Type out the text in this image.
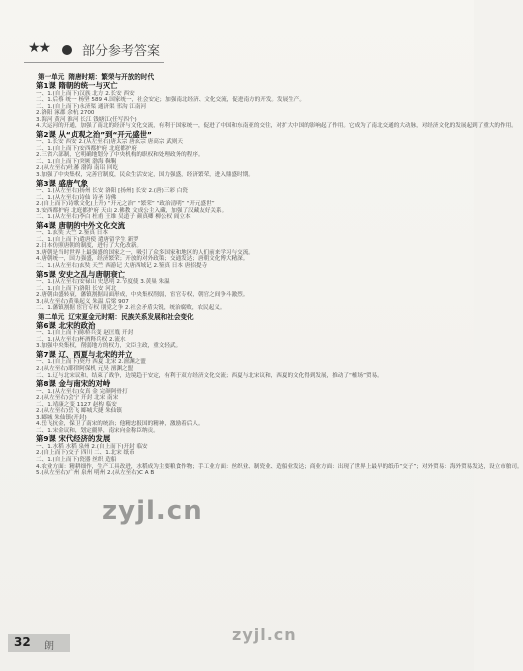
★★	部分参考答案
第一单元 隋唐时期：繁荣与开放的时代
第1课 隋朝的统一与灭亡
一、1.(自上而下)汉族 北方 2.长安 西安
二、1.后蔡 统一 杨坚 589 4.国家统一，社会安定；加强南北经济、文化交流，促进南方的开发。发展生产。
二、1.(自上而下)永济渠 通济渠 邗沟 江南河
2.洛阳 涿郡 余杭 2700
3.海河 黄河 淮河 长江 钱塘江(任写四个)
4.大运河的开通，加强了南北的经济与文化交流，有利于国家统一，促进了中国和东南亚的交往，对扩大中国的影响起了作用。它成为了南北交通的大动脉，对经济文化的发展起到了重大的作用。
第2课 从“贞观之治”到“开元盛世”
一、1.长安 西安 2.(从左至右)唐太宗 唐玄宗 唐高宗 武则天
二、1.(自上而下)安西都护府 北庭都护府
2.三省六部制，它明确地划分了中央机构的职权和处理政务的程序。
二、1.(自上而下)突厥 渤海 靺鞨
2.(从左至右)吐蕃 渤海 南诏 回纥
3.加强了中央集权，完善官制度，民众生活安定，国力强盛，经济繁荣，进入鼎盛时期。
第3课 盛唐气象
一、1.(从左至右)扬州 长安 洛阳 [扬州] 长安 2.(唐)三彩 白瓷
二、1.(从左至右)诗仙 诗圣 诗佛
2.(自上而下)诗歌文化(上升) “开元之治” “繁荣” “政治清明” “开元盛世”
3.安西都护府 北庭都护府 天山 2.佛教 文成公主入藏，加强了汉藏友好关系。
二、1.(从左至右)李白 杜甫 王维 吴道子 颜真卿 柳公权 阎立本
第4课 唐朝的中外文化交流
一、1.玄奘 天竺 2.鉴真 日本
二、1.(自上而下)遣唐使 遣唐留学生 新罗
2.日本仿照唐朝的制度，进行了大化改新。
3.唐朝是当时世界上最强盛的国家之一，吸引了众多国家和地区的人们前来学习与交流。
4.唐朝统一，国力强盛，经济繁荣；开放的对外政策；交通发达；唐朝文化博大精深。
二、1.(从左至右)玄奘 天竺 西游记 大唐西域记 2.鉴真 日本 唐招提寺
第5课 安史之乱与唐朝衰亡
一、1.(从左至右)安禄山 史思明 2.节度使 3.黄巢 朱温
二、1.(自上而下)洛阳 长安 河北
2.唐朝由盛转衰，藩镇割据局面形成，中央集权削弱，宦官专权，朝官之间争斗激烈。
3.(从左至右)黄巢起义 朱温 后梁 907
二、1.藩镇割据 宦官专权 朋党之争 2.社会矛盾尖锐，统治腐败，农民起义。
第二单元 辽宋夏金元时期：民族关系发展和社会变化
第6课 北宋的政治
一、1.(自上而下)陈桥兵变 赵匡胤 开封
二、1.(从左至右)杯酒释兵权 2.流水
3.加强中央集权，削弱地方的权力，文臣主政，重文轻武。
第7课 辽、西夏与北宋的并立
一、1.(自上而下)契丹 西夏 北宋 2.澶渊之盟
2.(从左至右)耶律阿保机 元昊 澶渊之盟
二、1.辽与北宋议和，结束了战争，边境趋于安定，有利于双方经济文化交流；西夏与北宋议和，西夏的文化得到发展，推动了“榷场”贸易。
第8课 金与南宋的对峙
一、1.(从左至右)女真 金 完颜阿骨打
2.(从左至右)会宁 开封 北宋 南宋
二、1.靖康之变 1127 赵构 临安
2.(从左至右)岳飞 郾城大捷 朱仙镇
3.郾城 朱仙镇(开封)
4.岳飞抗金，保卫了南宋的统治；他精忠报国的精神，激励着后人。
二、1.宋金议和，划定疆界，南宋向金称臣纳贡。
第9课 宋代经济的发展
一、1.水稻 水稻 泉州 2.(自上而下)开封 临安
2.(自上而下)交子 四川 二、1.北宋 纸币
二、1.(自上而下)瓷器 丝织 造船
4.农业方面：精耕细作，生产工具改进，水稻成为主要粮食作物；手工业方面：丝织业、制瓷业、造船业发达；商业方面：出现了世界上最早的纸币“交子”；对外贸易：海外贸易发达，设立市舶司。
5.(从左至右)广州 泉州 明州 2.(从左至右)C A B
zyjl.cn
zyjl.cn
32 朗
